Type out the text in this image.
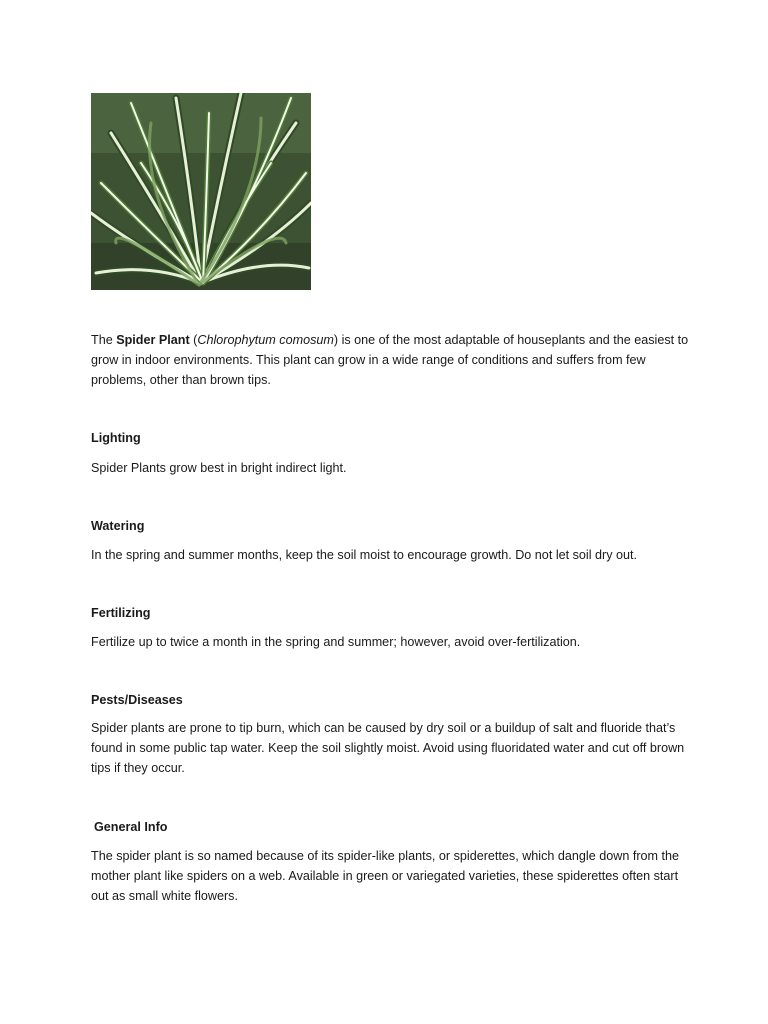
The Spider Plant (Chlorophytum comosum) is one of the most adaptable of houseplants and the easiest to grow in indoor environments. This plant can grow in a wide range of conditions and suffers from few problems, other than brown tips.

Lighting

Spider Plants grow best in bright indirect light.

Watering

In the spring and summer months, keep the soil moist to encourage growth. Do not let soil dry out.

Fertilizing

Fertilize up to twice a month in the spring and summer; however, avoid over-fertilization.

Pests/Diseases

Spider plants are prone to tip burn, which can be caused by dry soil or a buildup of salt and fluoride that’s found in some public tap water. Keep the soil slightly moist. Avoid using fluoridated water and cut off brown tips if they occur.

General Info

The spider plant is so named because of its spider-like plants, or spiderettes, which dangle down from the mother plant like spiders on a web. Available in green or variegated varieties, these spiderettes often start out as small white flowers.
